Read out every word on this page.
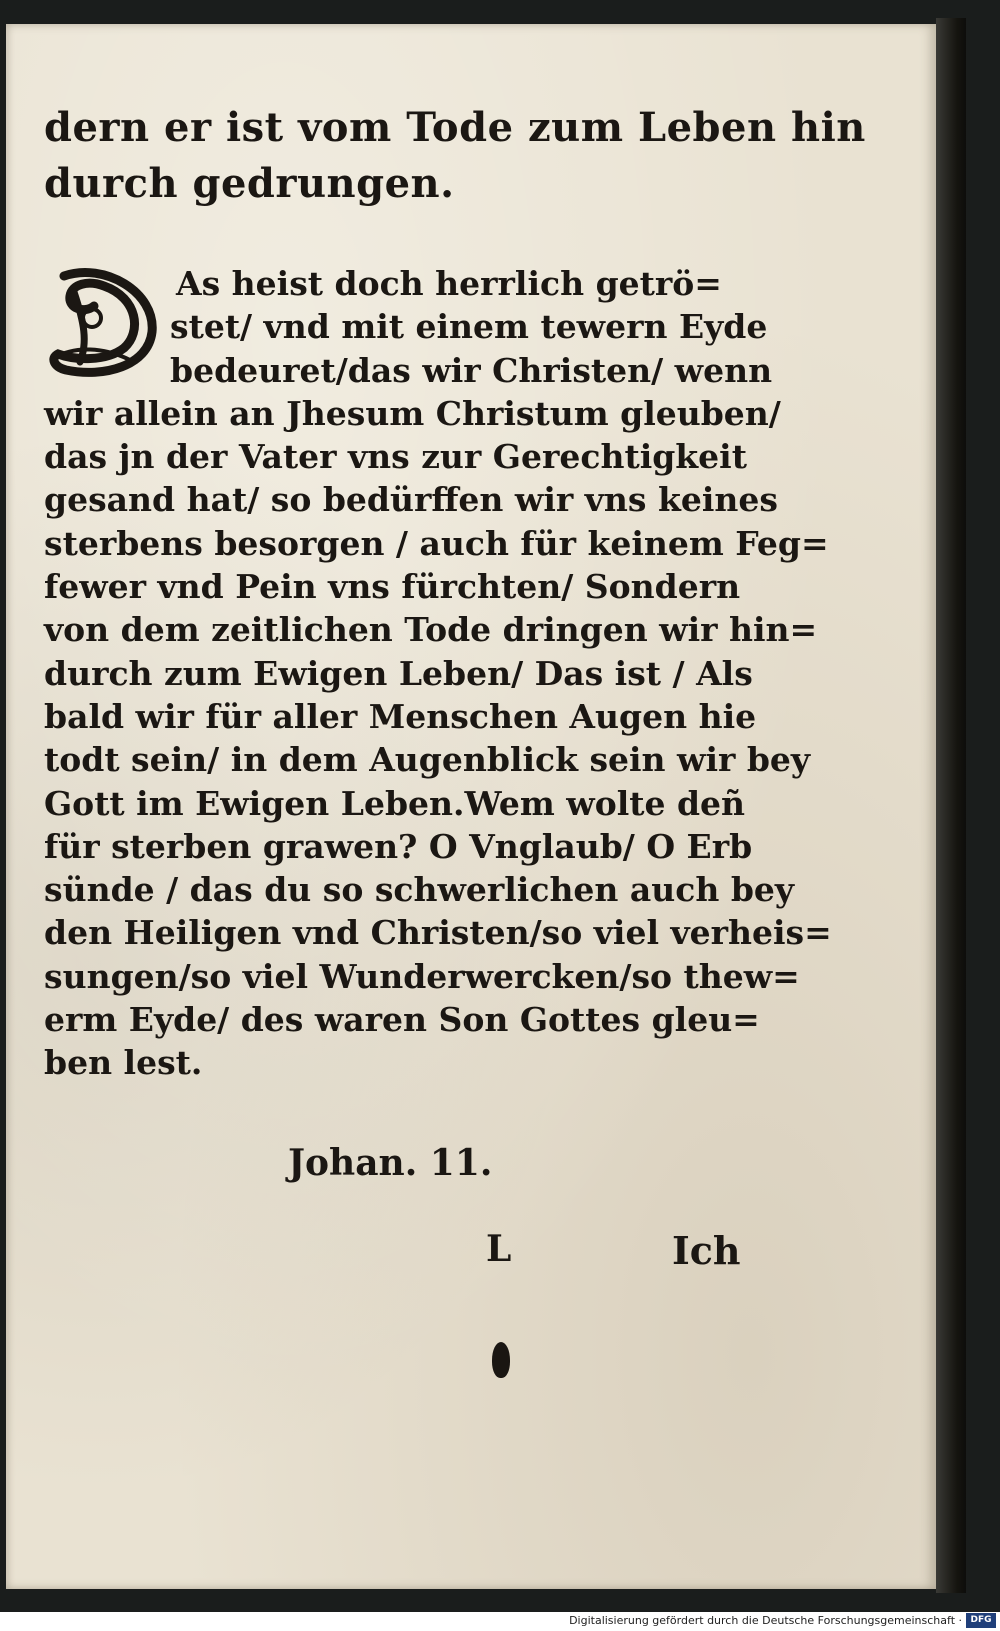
dern er ist vom Tode zum Leben hin
durch gedrungen.
As heist doch herrlich getrö=
stet/ vnd mit einem tewern Eyde
bedeuret/das wir Christen/ wenn
wir allein an Jhesum Christum gleuben/
das jn der Vater vns zur Gerechtigkeit
gesand hat/ so bedürffen wir vns keines
sterbens besorgen / auch für keinem Feg=
fewer vnd Pein vns fürchten/ Sondern
von dem zeitlichen Tode dringen wir hin=
durch zum Ewigen Leben/ Das ist / Als
bald wir für aller Menschen Augen hie
todt sein/ in dem Augenblick sein wir bey
Gott im Ewigen Leben.Wem wolte deñ
für sterben grawen? O Vnglaub/ O Erb
sünde / das du so schwerlichen auch bey
den Heiligen vnd Christen/so viel verheis=
sungen/so viel Wunderwercken/so thew=
erm Eyde/ des waren Son Gottes gleu=
ben lest.
Johan. 11.
L	Ich
Digitalisierung gefördert durch die Deutsche Forschungsgemeinschaft · DFG
